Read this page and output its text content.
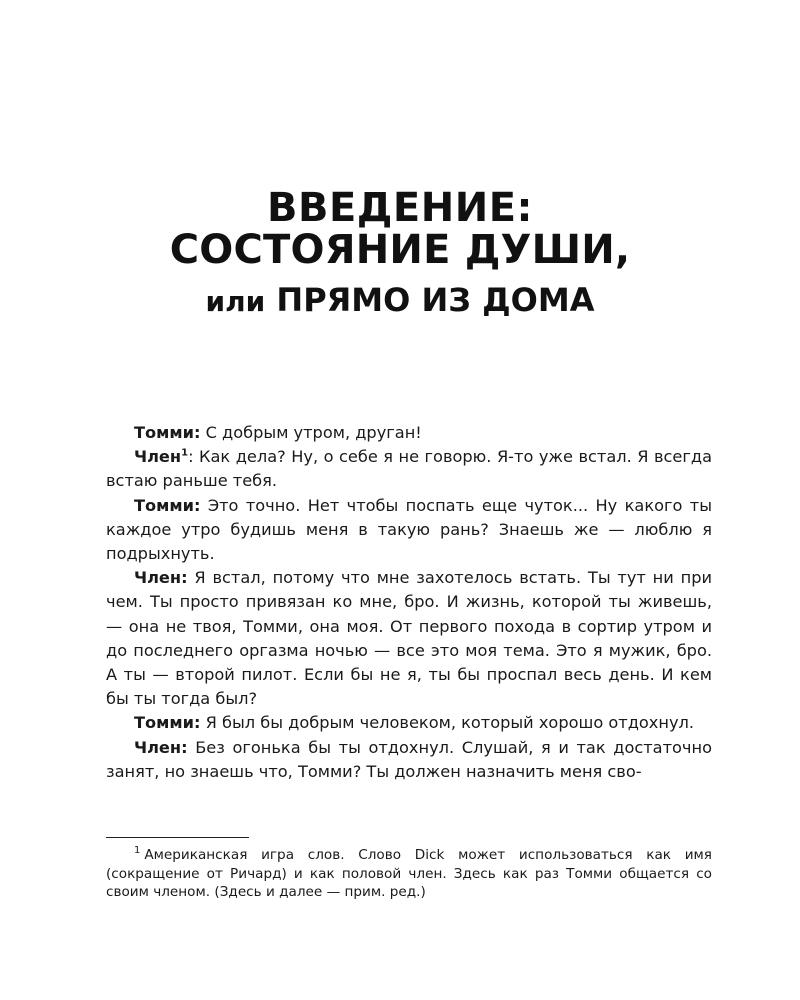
ВВЕДЕНИЕ:
СОСТОЯНИЕ ДУШИ,
или ПРЯМО ИЗ ДОМА

Томми: С добрым утром, друган!

Член$^1$: Как дела? Ну, о себе я не говорю. Я-то уже встал. Я всегда встаю раньше тебя.

Томми: Это точно. Нет чтобы поспать еще чуток... Ну какого ты каждое утро будишь меня в такую рань? Знаешь же — люблю я подрыхнуть.

Член: Я встал, потому что мне захотелось встать. Ты тут ни при чем. Ты просто привязан ко мне, бро. И жизнь, которой ты живешь, — она не твоя, Томми, она моя. От первого похода в сортир утром и до последнего оргазма ночью — все это моя тема. Это я мужик, бро. А ты — второй пилот. Если бы не я, ты бы проспал весь день. И кем бы ты тогда был?

Томми: Я был бы добрым человеком, который хорошо отдохнул.

Член: Без огонька бы ты отдохнул. Слушай, я и так достаточно занят, но знаешь что, Томми? Ты должен назначить меня сво-

$^1$ Американская игра слов. Слово Dick может использоваться как имя (сокращение от Ричард) и как половой член. Здесь как раз Томми общается со своим членом. (Здесь и далее — прим. ред.)
